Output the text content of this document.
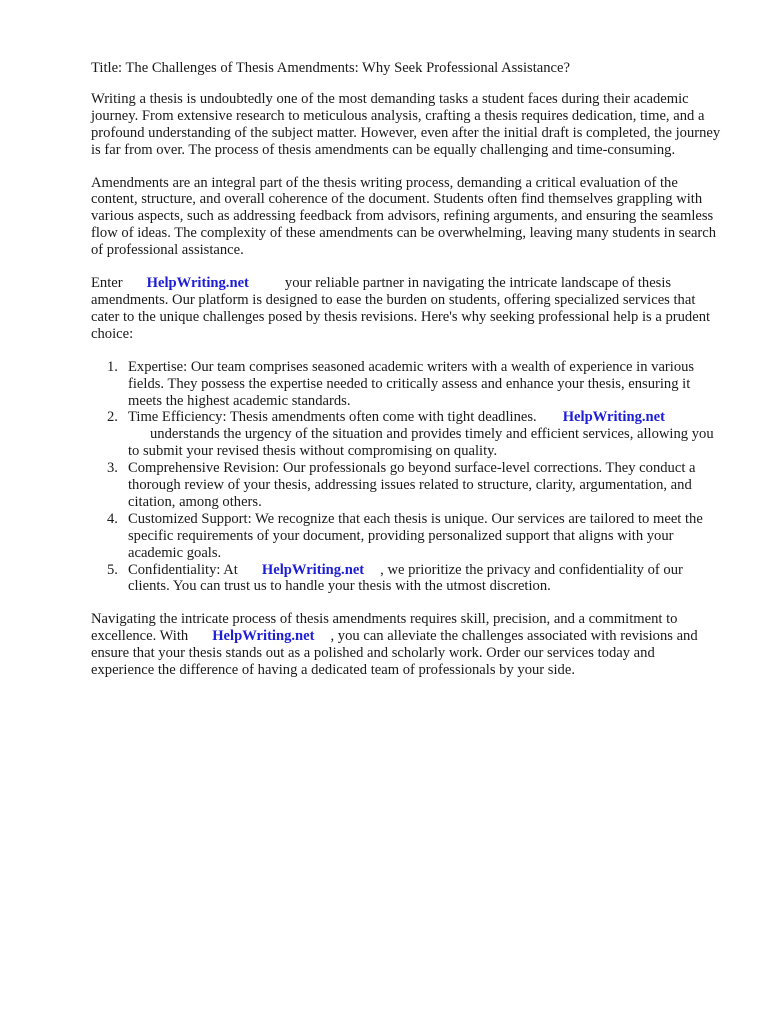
Title: The Challenges of Thesis Amendments: Why Seek Professional Assistance?

Writing a thesis is undoubtedly one of the most demanding tasks a student faces during their academic journey. From extensive research to meticulous analysis, crafting a thesis requires dedication, time, and a profound understanding of the subject matter. However, even after the initial draft is completed, the journey is far from over. The process of thesis amendments can be equally challenging and time-consuming.

Amendments are an integral part of the thesis writing process, demanding a critical evaluation of the content, structure, and overall coherence of the document. Students often find themselves grappling with various aspects, such as addressing feedback from advisors, refining arguments, and ensuring the seamless flow of ideas. The complexity of these amendments can be overwhelming, leaving many students in search of professional assistance.

Enter HelpWriting.net your reliable partner in navigating the intricate landscape of thesis amendments. Our platform is designed to ease the burden on students, offering specialized services that cater to the unique challenges posed by thesis revisions. Here's why seeking professional help is a prudent choice:

1. Expertise: Our team comprises seasoned academic writers with a wealth of experience in various fields. They possess the expertise needed to critically assess and enhance your thesis, ensuring it meets the highest academic standards.
2. Time Efficiency: Thesis amendments often come with tight deadlines. HelpWriting.net
understands the urgency of the situation and provides timely and efficient services, allowing you to submit your revised thesis without compromising on quality.
3. Comprehensive Revision: Our professionals go beyond surface-level corrections. They conduct a thorough review of your thesis, addressing issues related to structure, clarity, argumentation, and citation, among others.
4. Customized Support: We recognize that each thesis is unique. Our services are tailored to meet the specific requirements of your document, providing personalized support that aligns with your academic goals.
5. Confidentiality: At HelpWriting.net , we prioritize the privacy and confidentiality of our clients. You can trust us to handle your thesis with the utmost discretion.

Navigating the intricate process of thesis amendments requires skill, precision, and a commitment to excellence. With HelpWriting.net , you can alleviate the challenges associated with revisions and ensure that your thesis stands out as a polished and scholarly work. Order our services today and experience the difference of having a dedicated team of professionals by your side.
